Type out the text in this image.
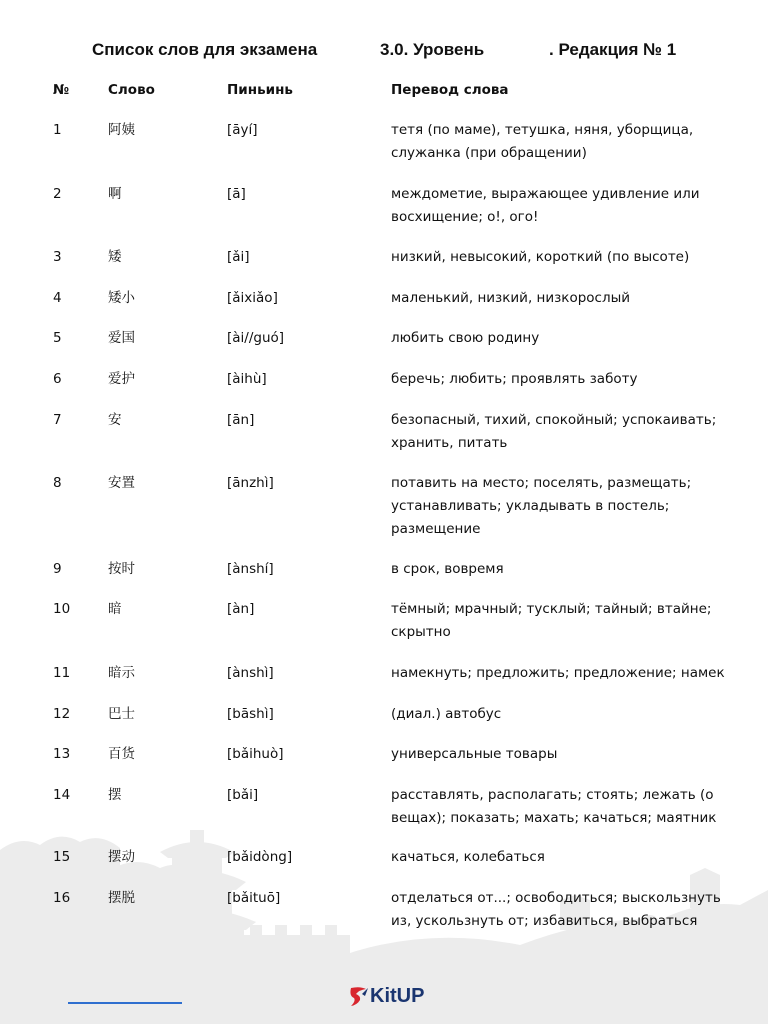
Список слов для экзамена	3.0. Уровень	. Редакция № 1
№	Слово	Пиньинь	Перевод слова
1	阿姨	[āyí]	тетя (по маме), тетушка, няня, уборщица, служанка (при обращении)
2	啊	[ā]	междометие, выражающее удивление или восхищение; о!, ого!
3	矮	[ǎi]	низкий, невысокий, короткий (по высоте)
4	矮小	[ǎixiǎo]	маленький, низкий, низкорослый
5	爱国	[ài//guó]	любить свою родину
6	爱护	[àihù]	беречь; любить; проявлять заботу
7	安	[ān]	безопасный, тихий, спокойный; успокаивать; хранить, питать
8	安置	[ānzhì]	потавить на место; поселять, размещать; устанавливать; укладывать в постель; размещение
9	按时	[ànshí]	в срок, вовремя
10	暗	[àn]	тёмный; мрачный; тусклый; тайный; втайне; скрытно
11	暗示	[ànshì]	намекнуть; предложить; предложение; намек
12	巴士	[bāshì]	(диал.) автобус
13	百货	[bǎihuò]	универсальные товары
14	摆	[bǎi]	расставлять, располагать; стоять; лежать (о вещах); показать; махать; качаться; маятник
15	摆动	[bǎidòng]	качаться, колебаться
16	摆脱	[bǎituō]	отделаться от...; освободиться; выскользнуть из, ускользнуть от; избавиться, выбраться
KitUP
